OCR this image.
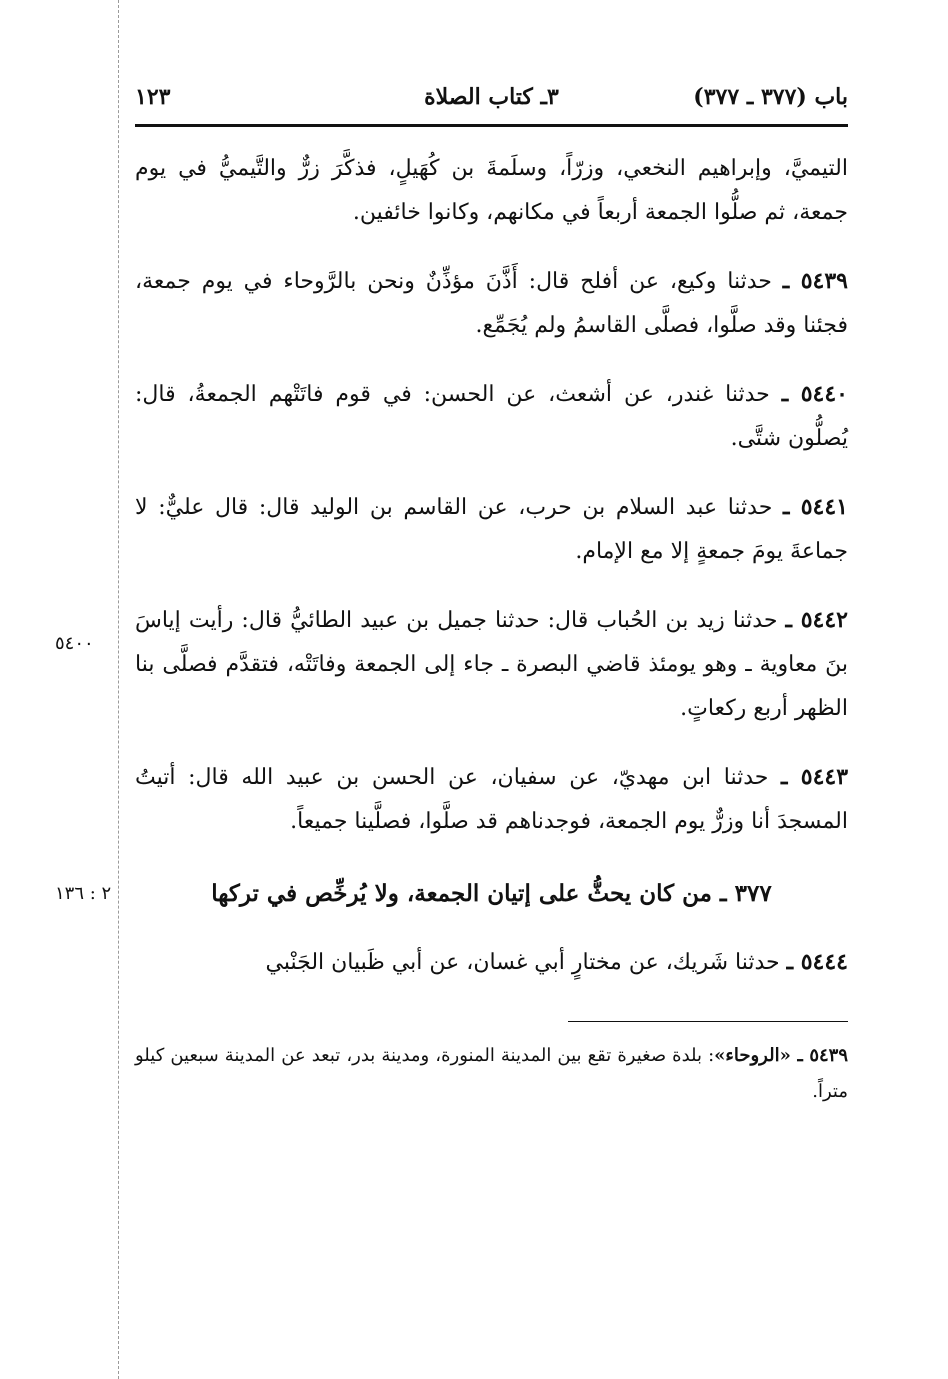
باب (٣٧٧ ـ ٣٧٧)
٣ـ كتاب الصلاة
١٢٣

التيميَّ، وإبراهيم النخعي، وزرّاً، وسلَمةَ بن كُهَيلٍ، فذكَّرَ زرٌّ والتَّيميُّ في يوم جمعة، ثم صلُّوا الجمعة أربعاً في مكانهم، وكانوا خائفين.

٥٤٣٩ ـ حدثنا وكيع، عن أفلح قال: أَذَّنَ مؤذِّنٌ ونحن بالرَّوحاء في يوم جمعة، فجئنا وقد صلَّوا، فصلَّى القاسمُ ولم يُجَمِّع.

٥٤٤٠ ـ حدثنا غندر، عن أشعث، عن الحسن: في قوم فاتَتْهم الجمعةُ، قال: يُصلُّون شتَّى.

٥٤٤١ ـ حدثنا عبد السلام بن حرب، عن القاسم بن الوليد قال: قال عليٌّ: لا جماعةَ يومَ جمعةٍ إلا مع الإمام.

٥٤٤٢ ـ حدثنا زيد بن الحُباب قال: حدثنا جميل بن عبيد الطائيُّ قال: رأيت إياسَ بنَ معاوية ـ وهو يومئذ قاضي البصرة ـ جاء إلى الجمعة وفاتَتْه، فتقدَّم فصلَّى بنا الظهر أربع ركعاتٍ.

٥٤٠٠

٥٤٤٣ ـ حدثنا ابن مهديّ، عن سفيان، عن الحسن بن عبيد الله قال: أتيتُ المسجدَ أنا وزرٌّ يوم الجمعة، فوجدناهم قد صلَّوا، فصلَّينا جميعاً.

٣٧٧ ـ من كان يحثُّ على إتيان الجمعة، ولا يُرخِّص في تركها
٢ : ١٣٦

٥٤٤٤ ـ حدثنا شَريك، عن مختارٍ أبي غسان، عن أبي ظَبيان الجَنْبي

٥٤٣٩ ـ «الروحاء»: بلدة صغيرة تقع بين المدينة المنورة، ومدينة بدر، تبعد عن المدينة سبعين كيلو متراً.
